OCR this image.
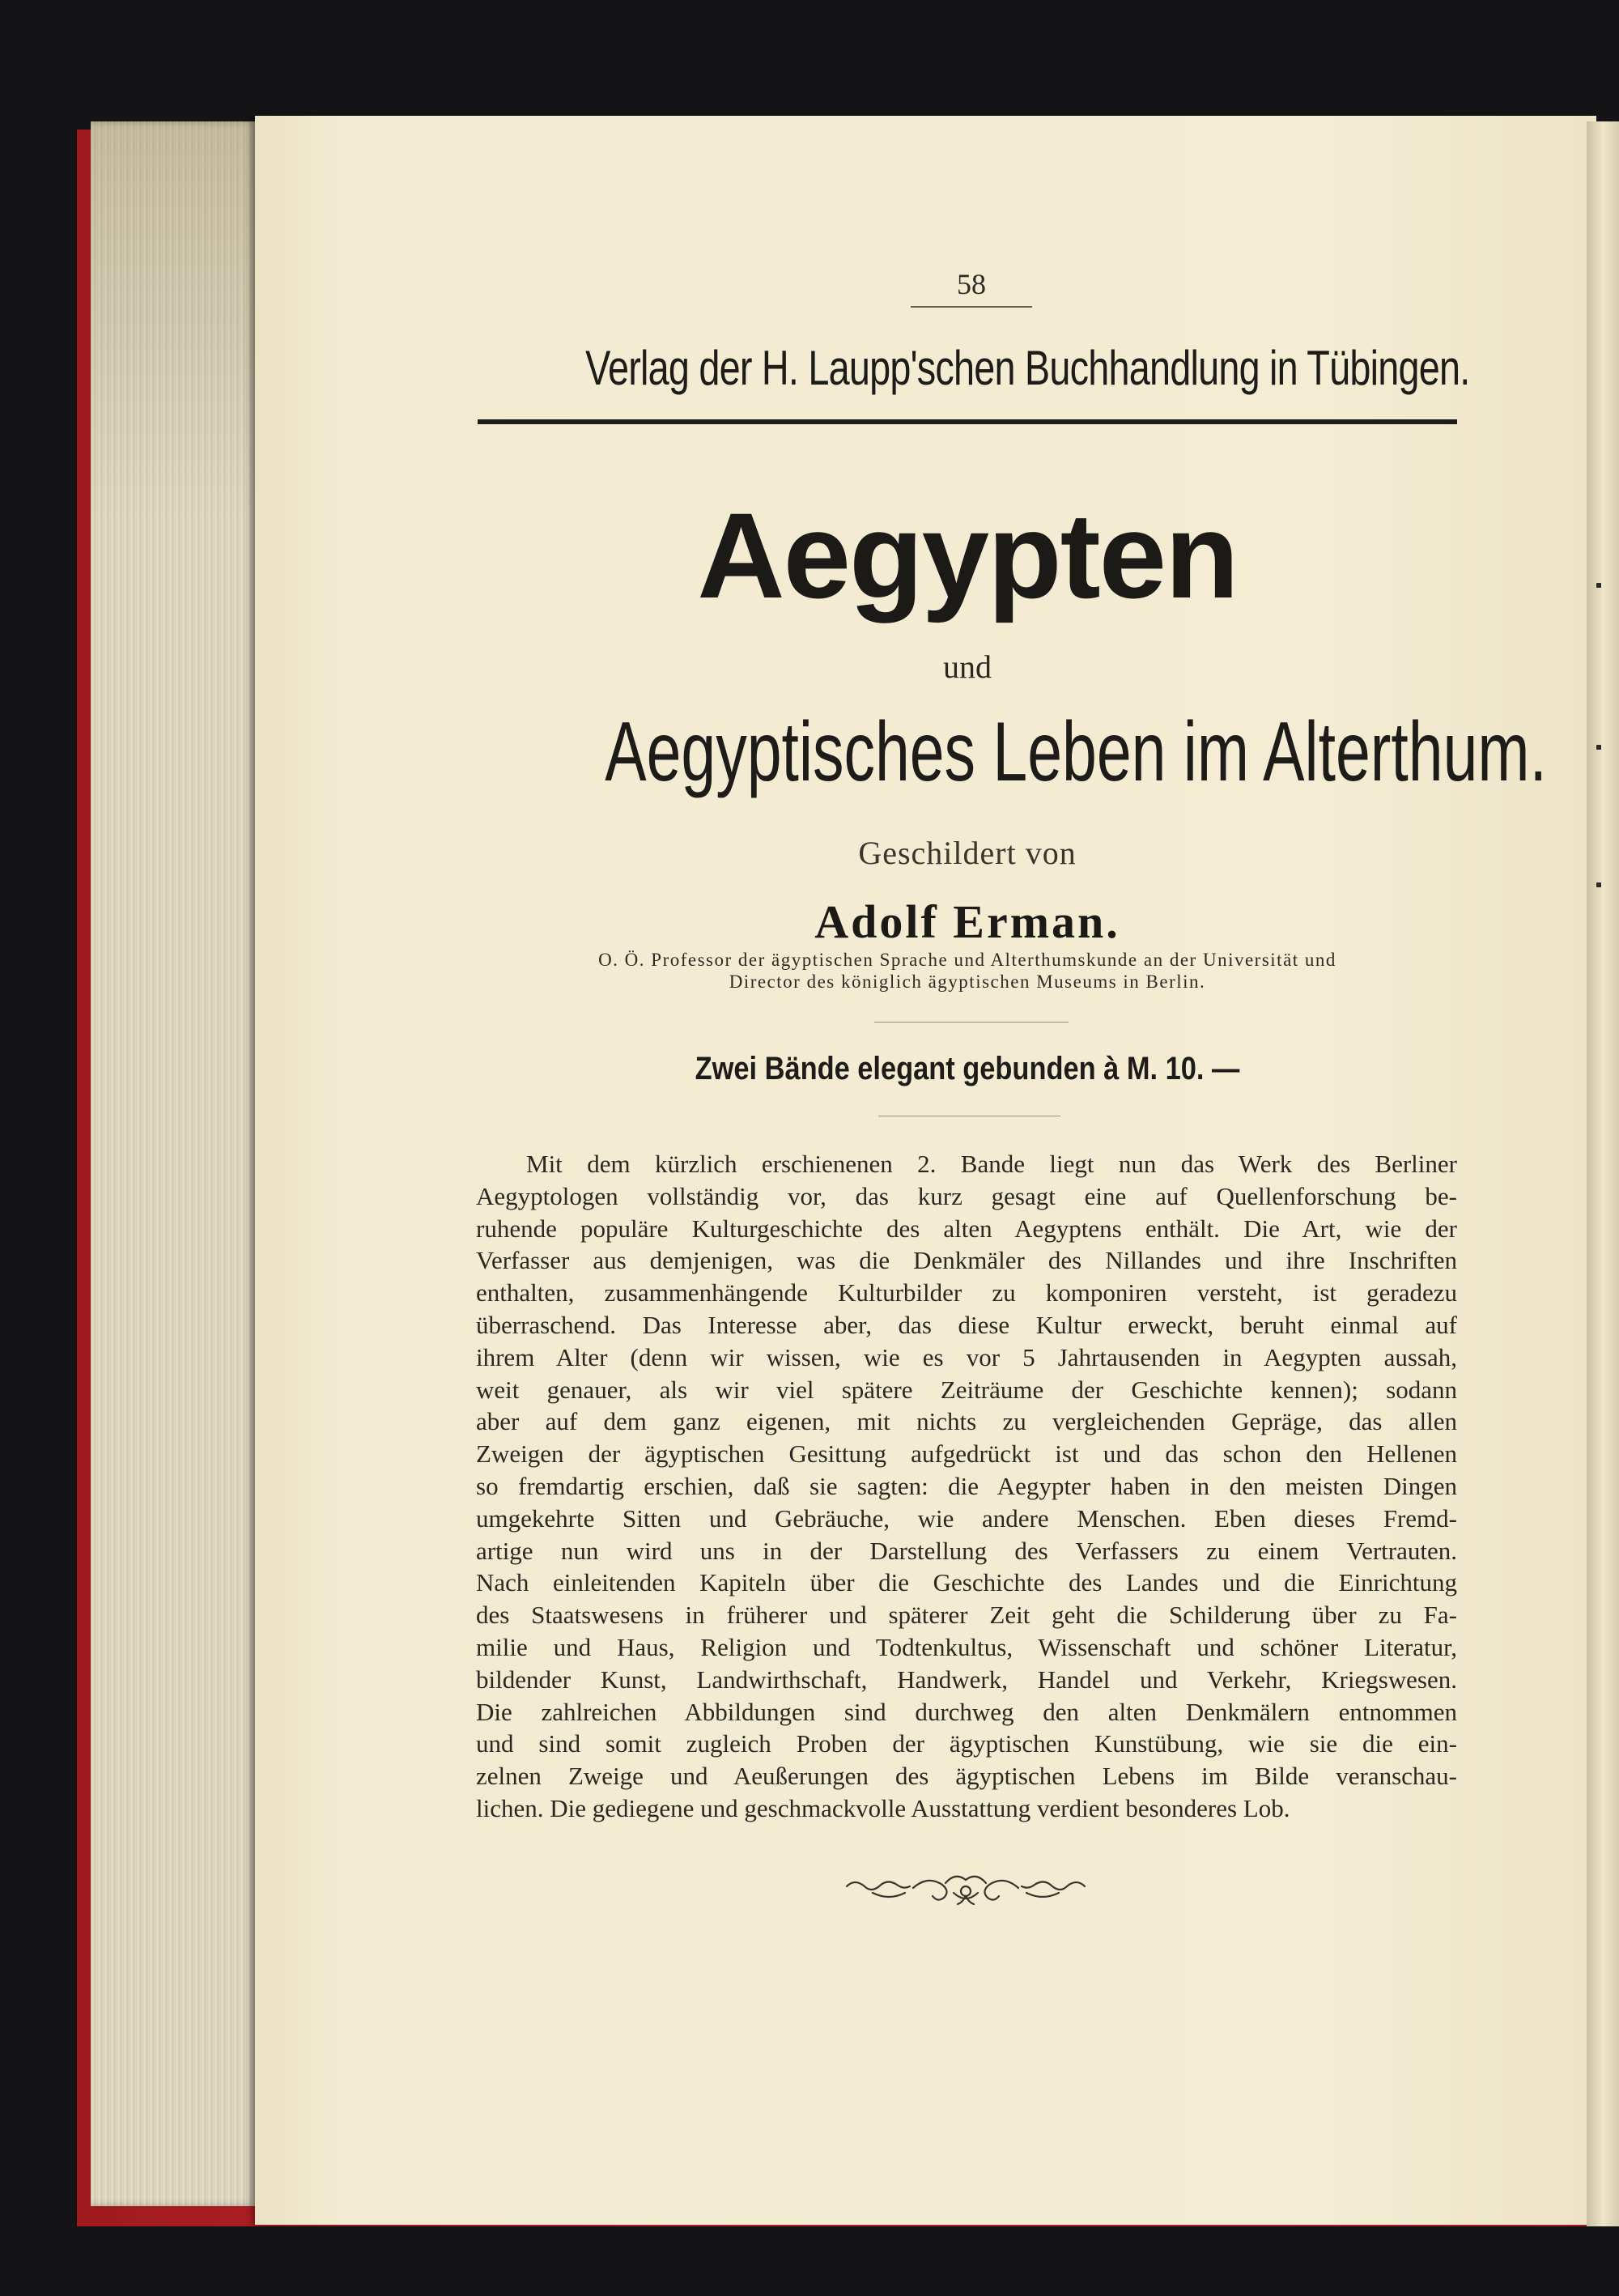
58
Verlag der H. Laupp'schen Buchhandlung in Tübingen.
Aegypten
und
Aegyptisches Leben im Alterthum.
Geschildert von
Adolf Erman.
O. Ö. Professor der ägyptischen Sprache und Alterthumskunde an der Universität und
Director des königlich ägyptischen Museums in Berlin.
Zwei Bände elegant gebunden à M. 10. —
Mit dem kürzlich erschienenen 2. Bande liegt nun das Werk des Berliner
Aegyptologen vollständig vor, das kurz gesagt eine auf Quellenforschung be-
ruhende populäre Kulturgeschichte des alten Aegyptens enthält. Die Art, wie der
Verfasser aus demjenigen, was die Denkmäler des Nillandes und ihre Inschriften
enthalten, zusammenhängende Kulturbilder zu komponiren versteht, ist geradezu
überraschend. Das Interesse aber, das diese Kultur erweckt, beruht einmal auf
ihrem Alter (denn wir wissen, wie es vor 5 Jahrtausenden in Aegypten aussah,
weit genauer, als wir viel spätere Zeiträume der Geschichte kennen); sodann
aber auf dem ganz eigenen, mit nichts zu vergleichenden Gepräge, das allen
Zweigen der ägyptischen Gesittung aufgedrückt ist und das schon den Hellenen
so fremdartig erschien, daß sie sagten: die Aegypter haben in den meisten Dingen
umgekehrte Sitten und Gebräuche, wie andere Menschen. Eben dieses Fremd-
artige nun wird uns in der Darstellung des Verfassers zu einem Vertrauten.
Nach einleitenden Kapiteln über die Geschichte des Landes und die Einrichtung
des Staatswesens in früherer und späterer Zeit geht die Schilderung über zu Fa-
milie und Haus, Religion und Todtenkultus, Wissenschaft und schöner Literatur,
bildender Kunst, Landwirthschaft, Handwerk, Handel und Verkehr, Kriegswesen.
Die zahlreichen Abbildungen sind durchweg den alten Denkmälern entnommen
und sind somit zugleich Proben der ägyptischen Kunstübung, wie sie die ein-
zelnen Zweige und Aeußerungen des ägyptischen Lebens im Bilde veranschau-
lichen. Die gediegene und geschmackvolle Ausstattung verdient besonderes Lob.
